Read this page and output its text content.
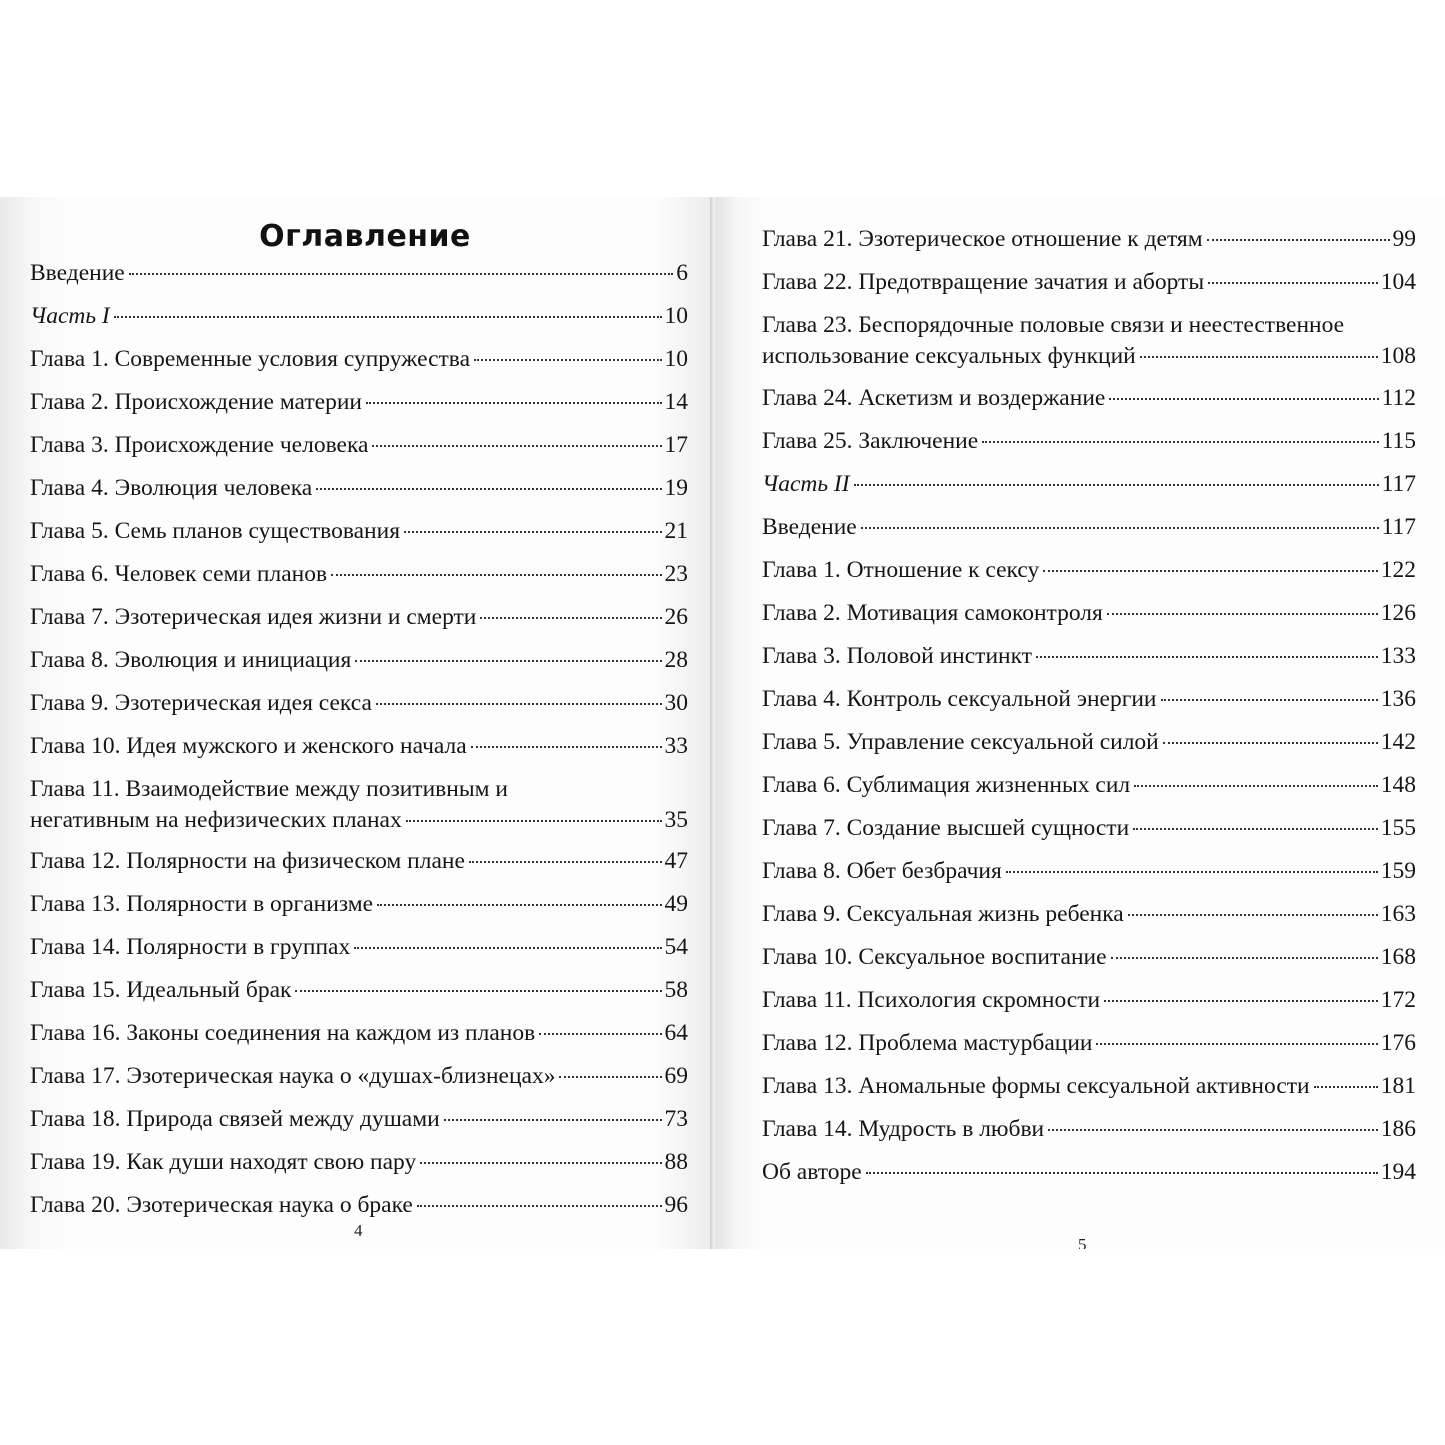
Оглавление
Введение	6
Часть I	10
Глава 1. Современные условия супружества	10
Глава 2. Происхождение материи	14
Глава 3. Происхождение человека	17
Глава 4. Эволюция человека	19
Глава 5. Семь планов существования	21
Глава 6. Человек семи планов	23
Глава 7. Эзотерическая идея жизни и смерти	26
Глава 8. Эволюция и инициация	28
Глава 9. Эзотерическая идея секса	30
Глава 10. Идея мужского и женского начала	33
Глава 11. Взаимодействие между позитивным и
негативным на нефизических планах	35
Глава 12. Полярности на физическом плане	47
Глава 13. Полярности в организме	49
Глава 14. Полярности в группах	54
Глава 15. Идеальный брак	58
Глава 16. Законы соединения на каждом из планов	64
Глава 17. Эзотерическая наука о «душах-близнецах»	69
Глава 18. Природа связей между душами	73
Глава 19. Как души находят свою пару	88
Глава 20. Эзотерическая наука о браке	96
4
Глава 21. Эзотерическое отношение к детям	99
Глава 22. Предотвращение зачатия и аборты	104
Глава 23. Беспорядочные половые связи и неестественное
использование сексуальных функций	108
Глава 24. Аскетизм и воздержание	112
Глава 25. Заключение	115
Часть II	117
Введение	117
Глава 1. Отношение к сексу	122
Глава 2. Мотивация самоконтроля	126
Глава 3. Половой инстинкт	133
Глава 4. Контроль сексуальной энергии	136
Глава 5. Управление сексуальной силой	142
Глава 6. Сублимация жизненных сил	148
Глава 7. Создание высшей сущности	155
Глава 8. Обет безбрачия	159
Глава 9. Сексуальная жизнь ребенка	163
Глава 10. Сексуальное воспитание	168
Глава 11. Психология скромности	172
Глава 12. Проблема мастурбации	176
Глава 13. Аномальные формы сексуальной активности	181
Глава 14. Мудрость в любви	186
Об авторе	194
5
